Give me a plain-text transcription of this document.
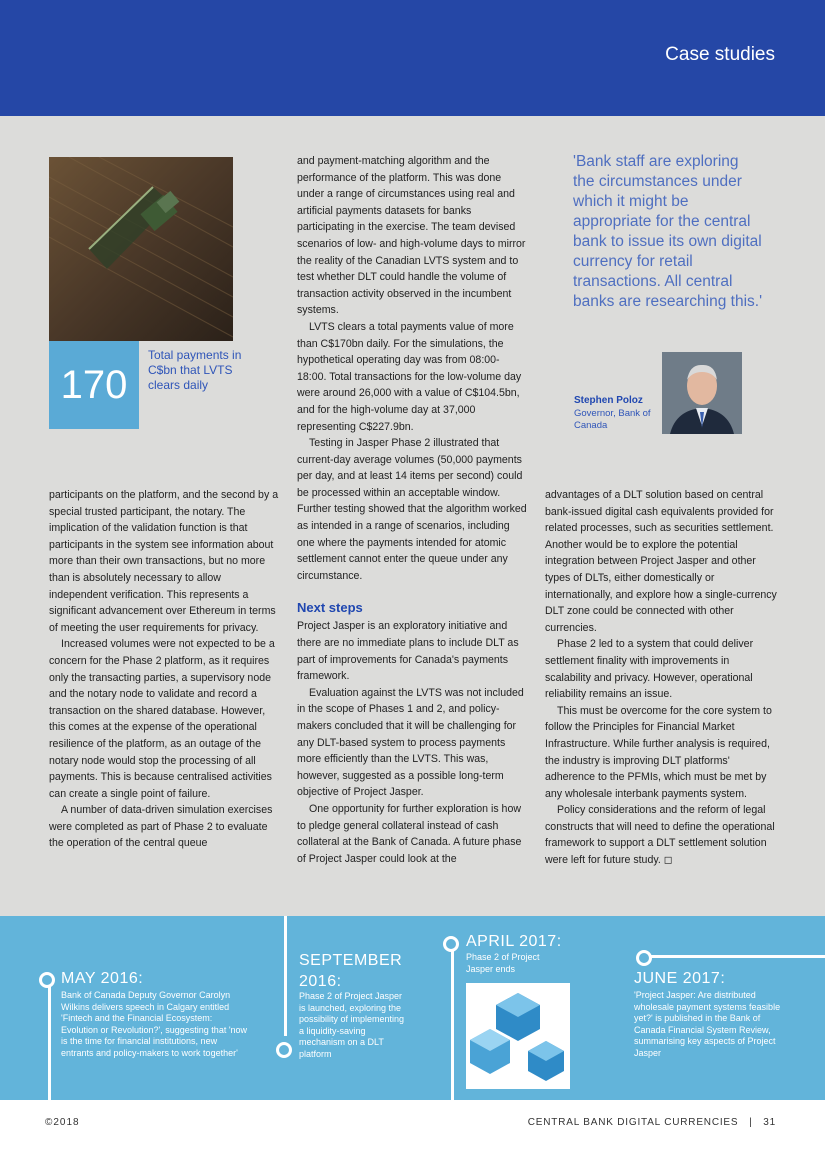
Case studies
170
Total payments in C$bn that LVTS clears daily

and payment-matching algorithm and the performance of the platform. This was done under a range of circumstances using real and artificial payments datasets for banks participating in the exercise. The team devised scenarios of low- and high-volume days to mirror the reality of the Canadian LVTS system and to test whether DLT could handle the volume of transaction activity observed in the incumbent systems.

LVTS clears a total payments value of more than C$170bn daily. For the simulations, the hypothetical operating day was from 08:00-18:00. Total transactions for the low-volume day were around 26,000 with a value of C$104.5bn, and for the high-volume day at 37,000 representing C$227.9bn.

Testing in Jasper Phase 2 illustrated that current-day average volumes (50,000 payments per day, and at least 14 items per second) could be processed within an acceptable window. Further testing showed that the algorithm worked as intended in a range of scenarios, including one where the payments intended for atomic settlement cannot enter the queue under any circumstance.

Next steps

Project Jasper is an exploratory initiative and there are no immediate plans to include DLT as part of improvements for Canada's payments framework.

Evaluation against the LVTS was not included in the scope of Phases 1 and 2, and policy-makers concluded that it will be challenging for any DLT-based system to process payments more efficiently than the LVTS. This was, however, suggested as a possible long-term objective of Project Jasper.

One opportunity for further exploration is how to pledge general collateral instead of cash collateral at the Bank of Canada. A future phase of Project Jasper could look at the

participants on the platform, and the second by a special trusted participant, the notary. The implication of the validation function is that participants in the system see information about more than their own transactions, but no more than is absolutely necessary to allow independent verification. This represents a significant advancement over Ethereum in terms of meeting the user requirements for privacy.

Increased volumes were not expected to be a concern for the Phase 2 platform, as it requires only the transacting parties, a supervisory node and the notary node to validate and record a transaction on the shared database. However, this comes at the expense of the operational resilience of the platform, as an outage of the notary node would stop the processing of all payments. This is because centralised activities can create a single point of failure.

A number of data-driven simulation exercises were completed as part of Phase 2 to evaluate the operation of the central queue

advantages of a DLT solution based on central bank-issued digital cash equivalents provided for related processes, such as securities settlement. Another would be to explore the potential integration between Project Jasper and other types of DLTs, either domestically or internationally, and explore how a single-currency DLT zone could be connected with other currencies.

Phase 2 led to a system that could deliver settlement finality with improvements in scalability and privacy. However, operational reliability remains an issue.

This must be overcome for the core system to follow the Principles for Financial Market Infrastructure. While further analysis is required, the industry is improving DLT platforms' adherence to the PFMIs, which must be met by any wholesale interbank payments system.

Policy considerations and the reform of legal constructs that will need to define the operational framework to support a DLT settlement solution were left for future study. ◻

'Bank staff are exploring the circumstances under which it might be appropriate for the central bank to issue its own digital currency for retail transactions. All central banks are researching this.'
Stephen Poloz
Governor, Bank of Canada
MAY 2016:
Bank of Canada Deputy Governor Carolyn Wilkins delivers speech in Calgary entitled 'Fintech and the Financial Ecosystem: Evolution or Revolution?', suggesting that 'now is the time for financial institutions, new entrants and policy-makers to work together'
SEPTEMBER 2016:
Phase 2 of Project Jasper is launched, exploring the possibility of implementing a liquidity-saving mechanism on a DLT platform
APRIL 2017:
Phase 2 of Project Jasper ends
JUNE 2017:
'Project Jasper: Are distributed wholesale payment systems feasible yet?' is published in the Bank of Canada Financial System Review, summarising key aspects of Project Jasper
©2018	CENTRAL BANK DIGITAL CURRENCIES   |   31
